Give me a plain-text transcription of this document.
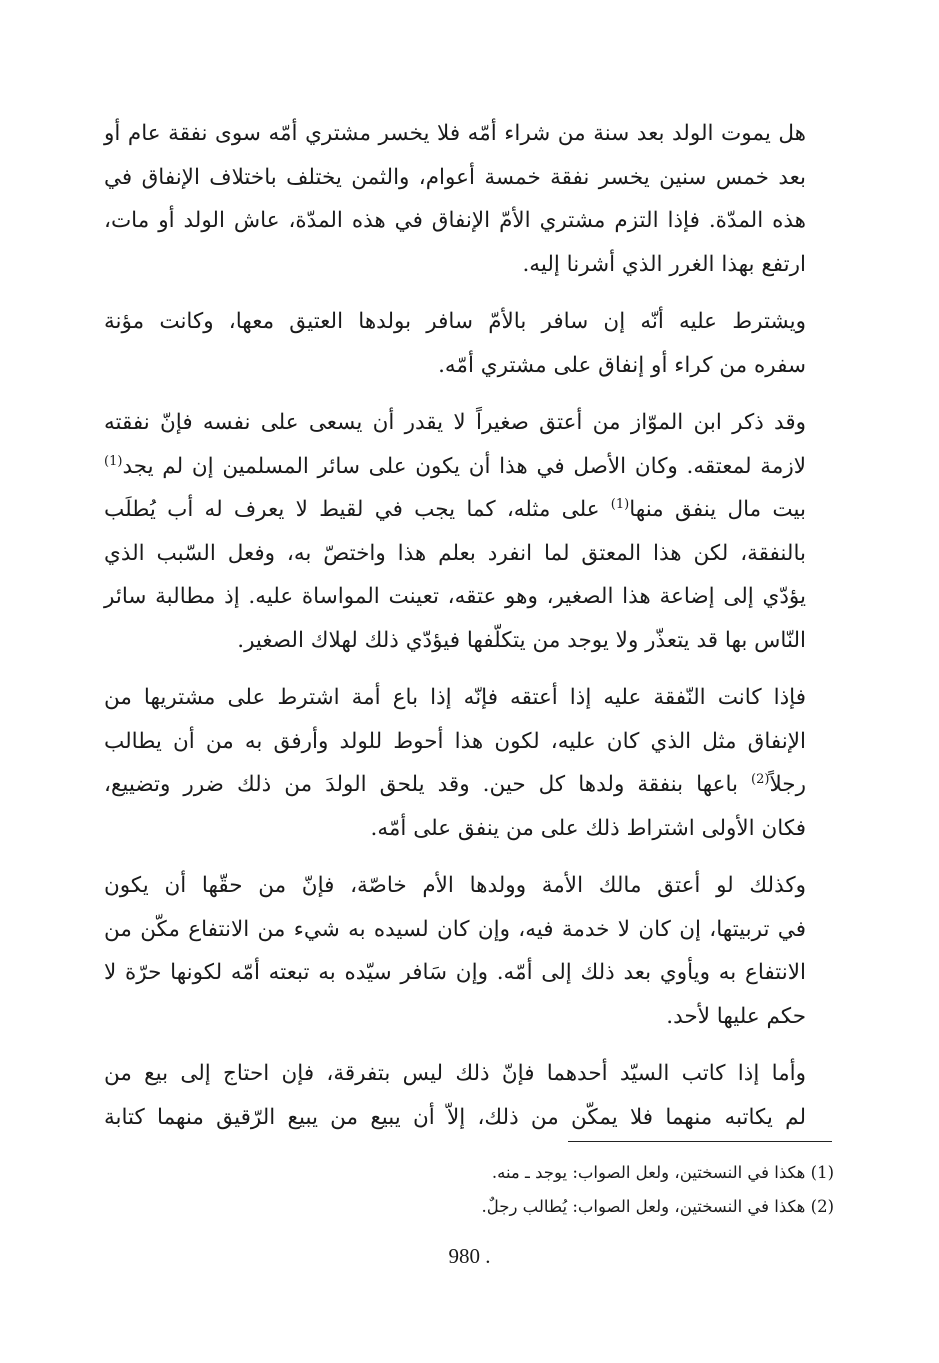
هل يموت الولد بعد سنة من شراء أمّه فلا يخسر مشتري أمّه سوى نفقة عام أو
بعد خمس سنين يخسر نفقة خمسة أعوام، والثمن يختلف باختلاف الإنفاق في
هذه المدّة. فإذا التزم مشتري الأمّ الإنفاق في هذه المدّة، عاش الولد أو مات،
ارتفع بهذا الغرر الذي أشرنا إليه.

ويشترط عليه أنّه إن سافر بالأمّ سافر بولدها العتيق معها، وكانت مؤنة
سفره من كراء أو إنفاق على مشتري أمّه.

وقد ذكر ابن الموّاز من أعتق صغيراً لا يقدر أن يسعى على نفسه فإنّ نفقته
لازمة لمعتقه. وكان الأصل في هذا أن يكون على سائر المسلمين إن لم يجد$^{(1)}$
بيت مال ينفق منها$^{(1)}$ على مثله، كما يجب في لقيط لا يعرف له أب يُطلَب
بالنفقة، لكن هذا المعتق لما انفرد بعلم هذا واختصّ به، وفعل السّبب الذي
يؤدّي إلى إضاعة هذا الصغير، وهو عتقه، تعينت المواساة عليه. إذ مطالبة سائر
النّاس بها قد يتعذّر ولا يوجد من يتكلّفها فيؤدّي ذلك لهلاك الصغير.

فإذا كانت النّفقة عليه إذا أعتقه فإنّه إذا باع أمة اشترط على مشتريها من
الإنفاق مثل الذي كان عليه، لكون هذا أحوط للولد وأرفق به من أن يطالب
رجلاً$^{(2)}$ باعها بنفقة ولدها كل حين. وقد يلحق الولدَ من ذلك ضرر وتضييع،
فكان الأولى اشتراط ذلك على من ينفق على أمّه.

وكذلك لو أعتق مالك الأمة وولدها الأم خاصّة، فإنّ من حقّها أن يكون
في تربيتها، إن كان لا خدمة فيه، وإن كان لسيده به شيء من الانتفاع مكّن من
الانتفاع به ويأوي بعد ذلك إلى أمّه. وإن سَافر سيّده به تبعته أمّه لكونها حرّة لا
حكم عليها لأحد.

وأما إذا كاتب السيّد أحدهما فإنّ ذلك ليس بتفرقة، فإن احتاج إلى بيع من
لم يكاتبه منهما فلا يمكّن من ذلك، إلاّ أن يبيع من يبيع الرّقيق منهما كتابة

(1) هكذا في النسختين، ولعل الصواب: يوجد ـ منه.
(2) هكذا في النسختين، ولعل الصواب: يُطالب رجلٌ.
. 980
